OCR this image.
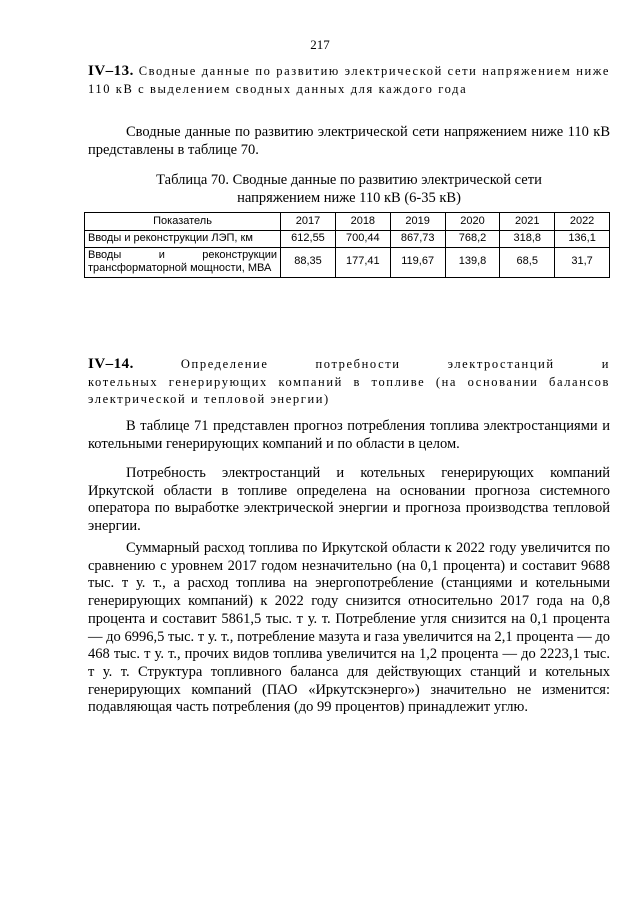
217
IV–13. Сводные данные по развитию электрической сети напряжением ниже 110 кВ с выделением сводных данных для каждого года

Сводные данные по развитию электрической сети напряжением ниже 110 кВ представлены в таблице 70.

Таблица 70. Сводные данные по развитию электрической сети
напряжением ниже 110 кВ (6-35 кВ)
Показатель	2017	2018	2019	2020	2021	2022
Вводы и реконструкции ЛЭП, км	612,55	700,44	867,73	768,2	318,8	136,1
Вводы и реконструкции трансформаторной мощности, МВА	88,35	177,41	119,67	139,8	68,5	31,7
IV–14.	Определение потребности электростанций и
котельных генерирующих компаний в топливе (на основании балансов электрической и тепловой энергии)

В таблице 71 представлен прогноз потребления топлива электростанциями и котельными генерирующих компаний и по области в целом.

Потребность электростанций и котельных генерирующих компаний Иркутской области в топливе определена на основании прогноза системного оператора по выработке электрической энергии и прогноза производства тепловой энергии.

Суммарный расход топлива по Иркутской области к 2022 году увеличится по сравнению с уровнем 2017 годом незначительно (на 0,1 процента) и составит 9688 тыс. т у. т., а расход топлива на энергопотребление (станциями и котельными генерирующих компаний) к 2022 году снизится относительно 2017 года на 0,8 процента и составит 5861,5 тыс. т у. т. Потребление угля снизится на 0,1 процента — до 6996,5 тыс. т у. т., потребление мазута и газа увеличится на 2,1 процента — до 468 тыс. т у. т., прочих видов топлива увеличится на 1,2 процента — до 2223,1 тыс. т у. т. Структура топливного баланса для действующих станций и котельных генерирующих компаний (ПАО «Иркутскэнерго») значительно не изменится: подавляющая часть потребления (до 99 процентов) принадлежит углю.
